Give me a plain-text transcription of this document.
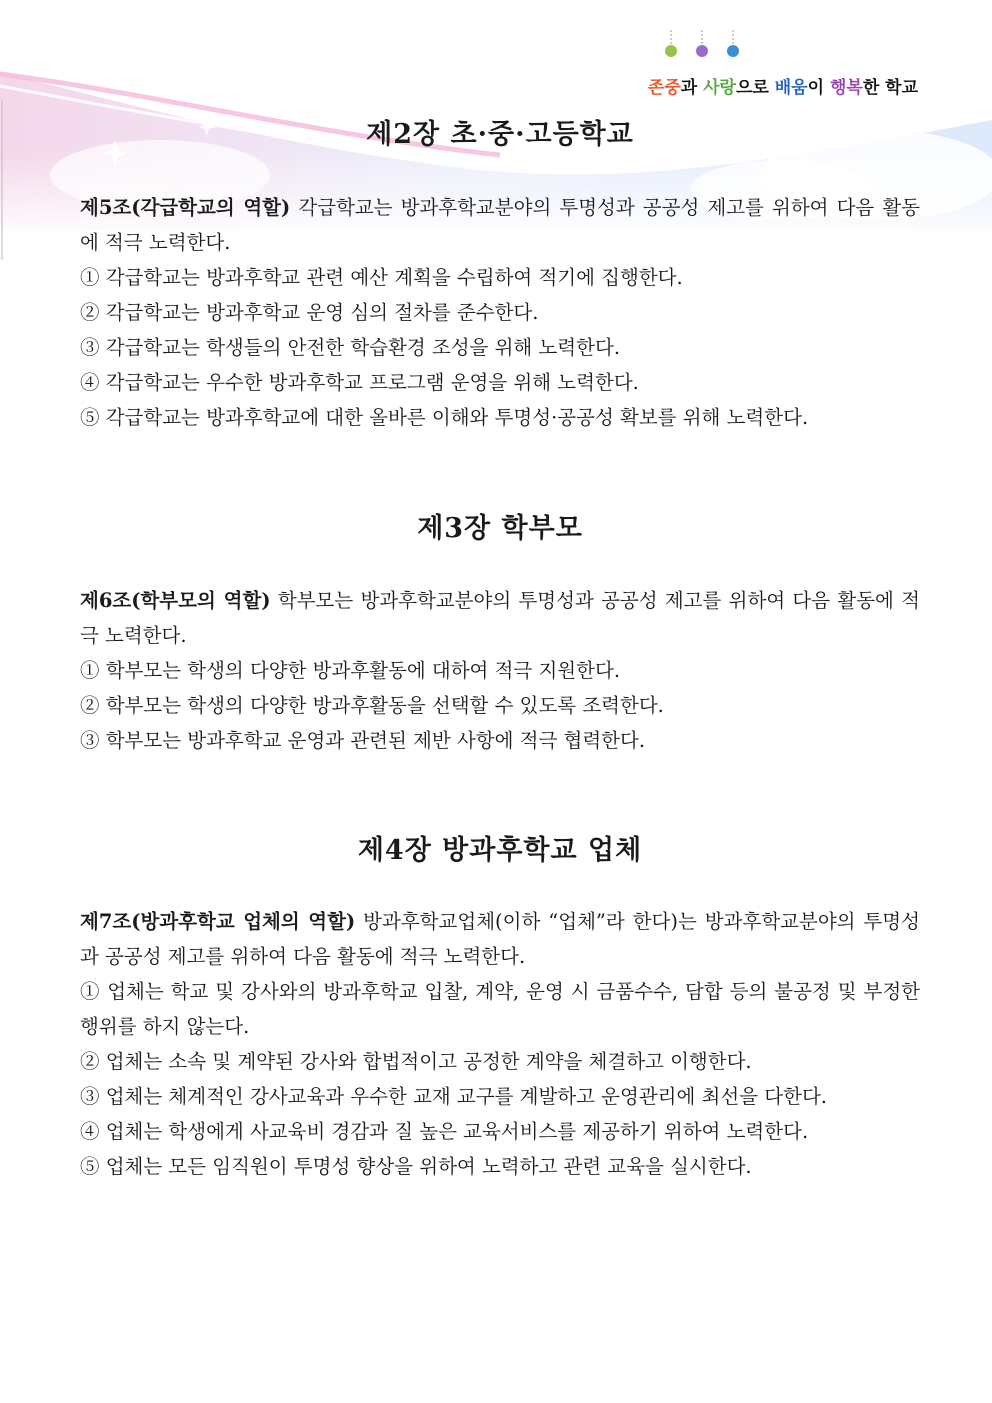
존중과 사랑으로 배움이 행복한 학교
제2장 초·중·고등학교

제5조(각급학교의 역할) 각급학교는 방과후학교분야의 투명성과 공공성 제고를 위하여 다음 활동에 적극 노력한다.

① 각급학교는 방과후학교 관련 예산 계획을 수립하여 적기에 집행한다.

② 각급학교는 방과후학교 운영 심의 절차를 준수한다.

③ 각급학교는 학생들의 안전한 학습환경 조성을 위해 노력한다.

④ 각급학교는 우수한 방과후학교 프로그램 운영을 위해 노력한다.

⑤ 각급학교는 방과후학교에 대한 올바른 이해와 투명성·공공성 확보를 위해 노력한다.

제3장 학부모

제6조(학부모의 역할) 학부모는 방과후학교분야의 투명성과 공공성 제고를 위하여 다음 활동에 적극 노력한다.

① 학부모는 학생의 다양한 방과후활동에 대하여 적극 지원한다.

② 학부모는 학생의 다양한 방과후활동을 선택할 수 있도록 조력한다.

③ 학부모는 방과후학교 운영과 관련된 제반 사항에 적극 협력한다.

제4장 방과후학교 업체

제7조(방과후학교 업체의 역할) 방과후학교업체(이하 “업체”라 한다)는 방과후학교분야의 투명성과 공공성 제고를 위하여 다음 활동에 적극 노력한다.

① 업체는 학교 및 강사와의 방과후학교 입찰, 계약, 운영 시 금품수수, 담합 등의 불공정 및 부정한 행위를 하지 않는다.

② 업체는 소속 및 계약된 강사와 합법적이고 공정한 계약을 체결하고 이행한다.

③ 업체는 체계적인 강사교육과 우수한 교재 교구를 계발하고 운영관리에 최선을 다한다.

④ 업체는 학생에게 사교육비 경감과 질 높은 교육서비스를 제공하기 위하여 노력한다.

⑤ 업체는 모든 임직원이 투명성 향상을 위하여 노력하고 관련 교육을 실시한다.
